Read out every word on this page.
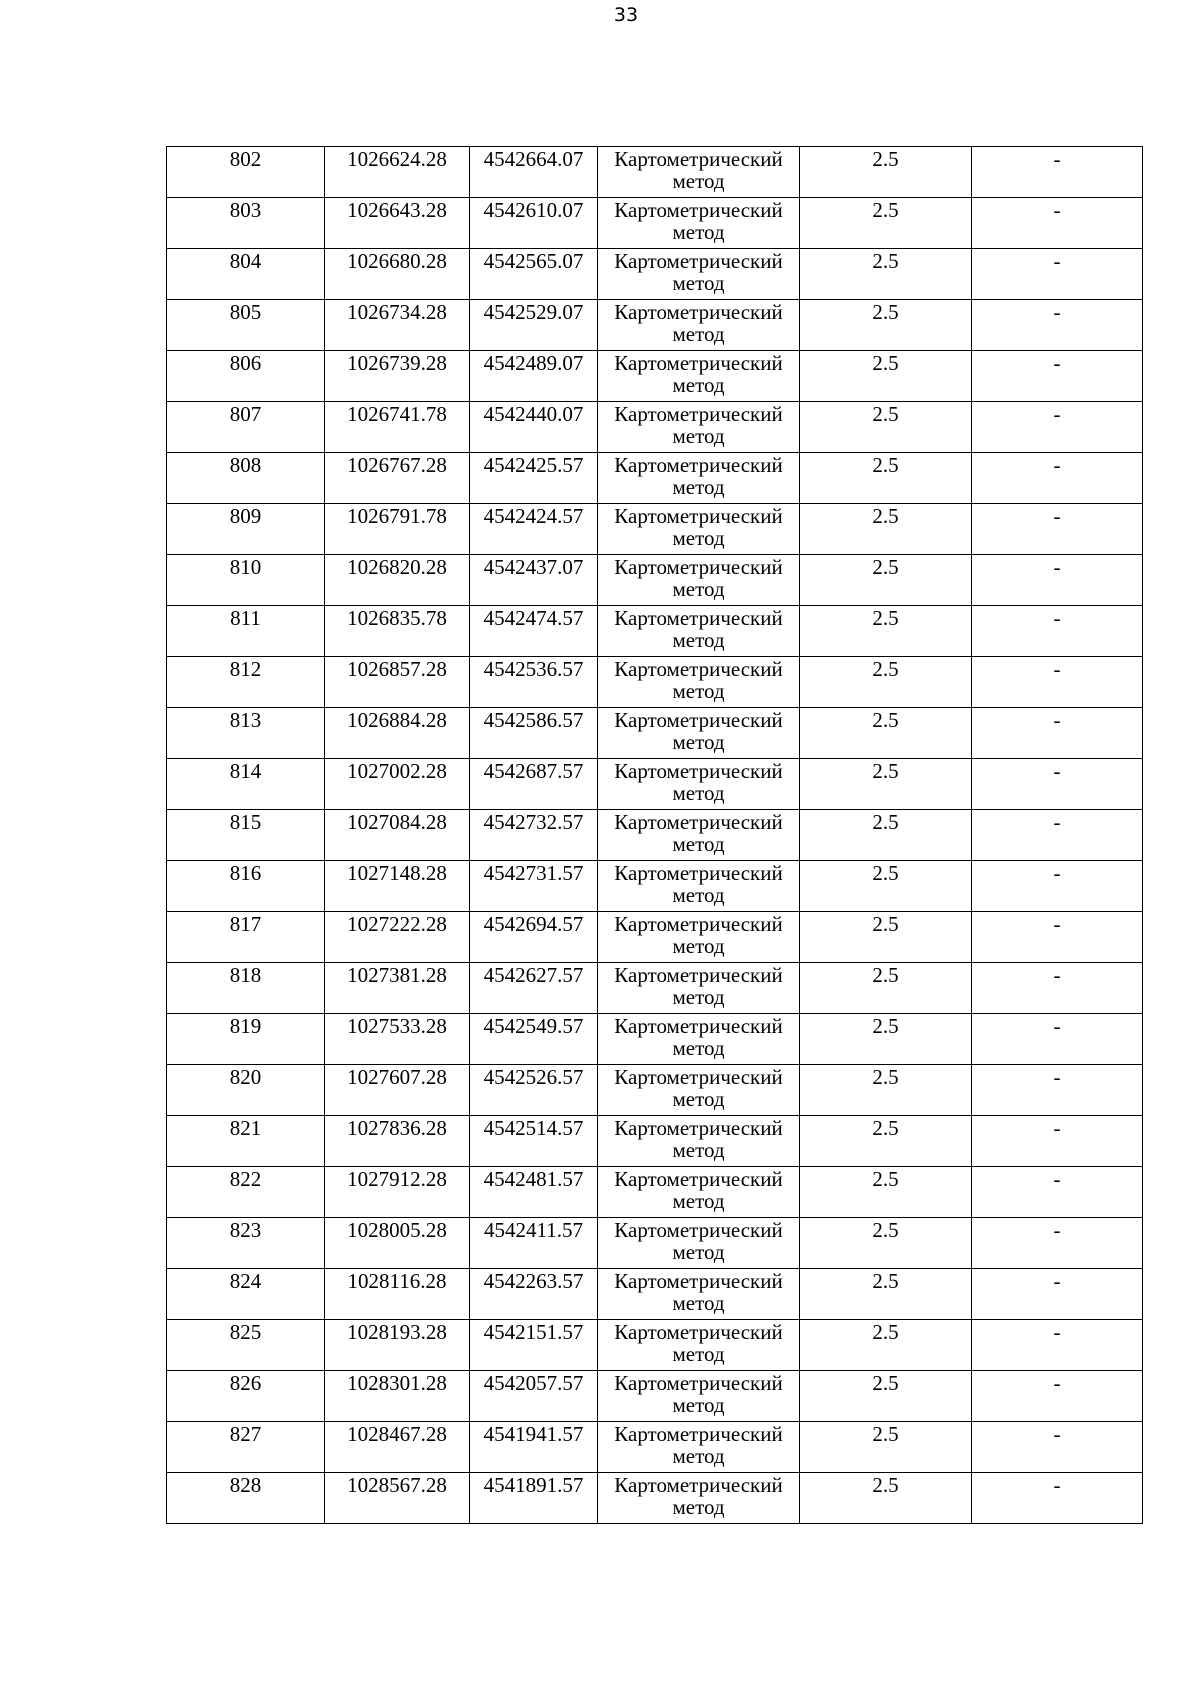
33
802	1026624.28	4542664.07	Картометрический
метод	2.5	-
803	1026643.28	4542610.07	Картометрический
метод	2.5	-
804	1026680.28	4542565.07	Картометрический
метод	2.5	-
805	1026734.28	4542529.07	Картометрический
метод	2.5	-
806	1026739.28	4542489.07	Картометрический
метод	2.5	-
807	1026741.78	4542440.07	Картометрический
метод	2.5	-
808	1026767.28	4542425.57	Картометрический
метод	2.5	-
809	1026791.78	4542424.57	Картометрический
метод	2.5	-
810	1026820.28	4542437.07	Картометрический
метод	2.5	-
811	1026835.78	4542474.57	Картометрический
метод	2.5	-
812	1026857.28	4542536.57	Картометрический
метод	2.5	-
813	1026884.28	4542586.57	Картометрический
метод	2.5	-
814	1027002.28	4542687.57	Картометрический
метод	2.5	-
815	1027084.28	4542732.57	Картометрический
метод	2.5	-
816	1027148.28	4542731.57	Картометрический
метод	2.5	-
817	1027222.28	4542694.57	Картометрический
метод	2.5	-
818	1027381.28	4542627.57	Картометрический
метод	2.5	-
819	1027533.28	4542549.57	Картометрический
метод	2.5	-
820	1027607.28	4542526.57	Картометрический
метод	2.5	-
821	1027836.28	4542514.57	Картометрический
метод	2.5	-
822	1027912.28	4542481.57	Картометрический
метод	2.5	-
823	1028005.28	4542411.57	Картометрический
метод	2.5	-
824	1028116.28	4542263.57	Картометрический
метод	2.5	-
825	1028193.28	4542151.57	Картометрический
метод	2.5	-
826	1028301.28	4542057.57	Картометрический
метод	2.5	-
827	1028467.28	4541941.57	Картометрический
метод	2.5	-
828	1028567.28	4541891.57	Картометрический
метод	2.5	-
